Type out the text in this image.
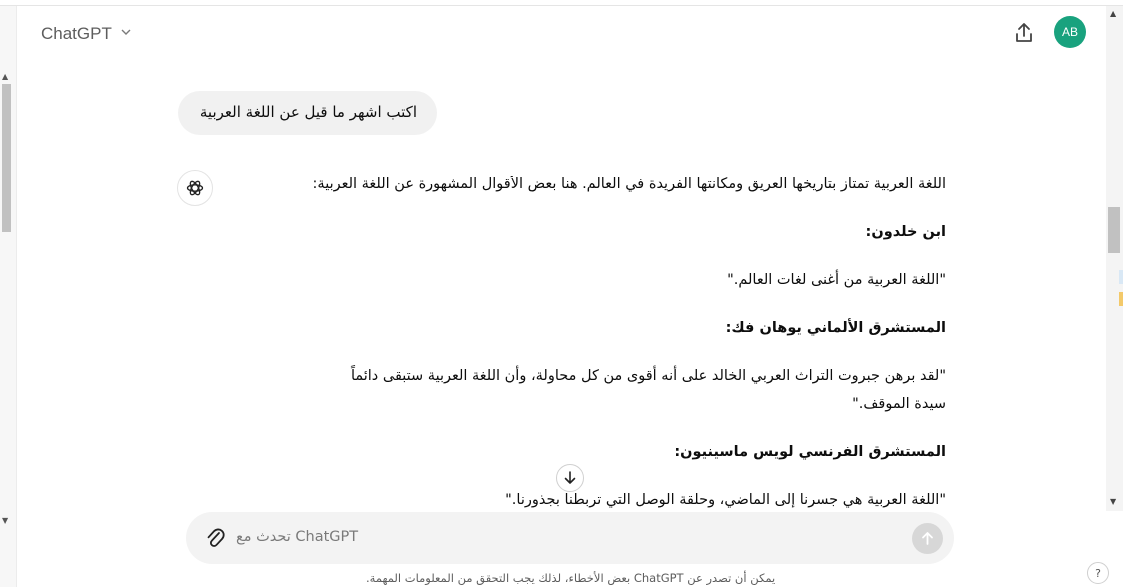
▲
▼
ChatGPT	AB
▲
▼
اكتب اشهر ما قيل عن اللغة العربية

اللغة العربية تمتاز بتاريخها العريق ومكانتها الفريدة في العالم. هنا بعض الأقوال المشهورة عن اللغة العربية:

ابن خلدون:

"اللغة العربية من أغنى لغات العالم."

المستشرق الألماني يوهان فك:

"لقد برهن جبروت التراث العربي الخالد على أنه أقوى من كل محاولة، وأن اللغة العربية ستبقى دائماً سيدة الموقف."

المستشرق الفرنسي لويس ماسينيون:

"اللغة العربية هي جسرنا إلى الماضي، وحلقة الوصل التي تربطنا بجذورنا."

تحدث مع ChatGPT
.بعض الأخطاء، لذلك يجب التحقق من المعلومات المهمة ChatGPT يمكن أن تصدر عن	?
